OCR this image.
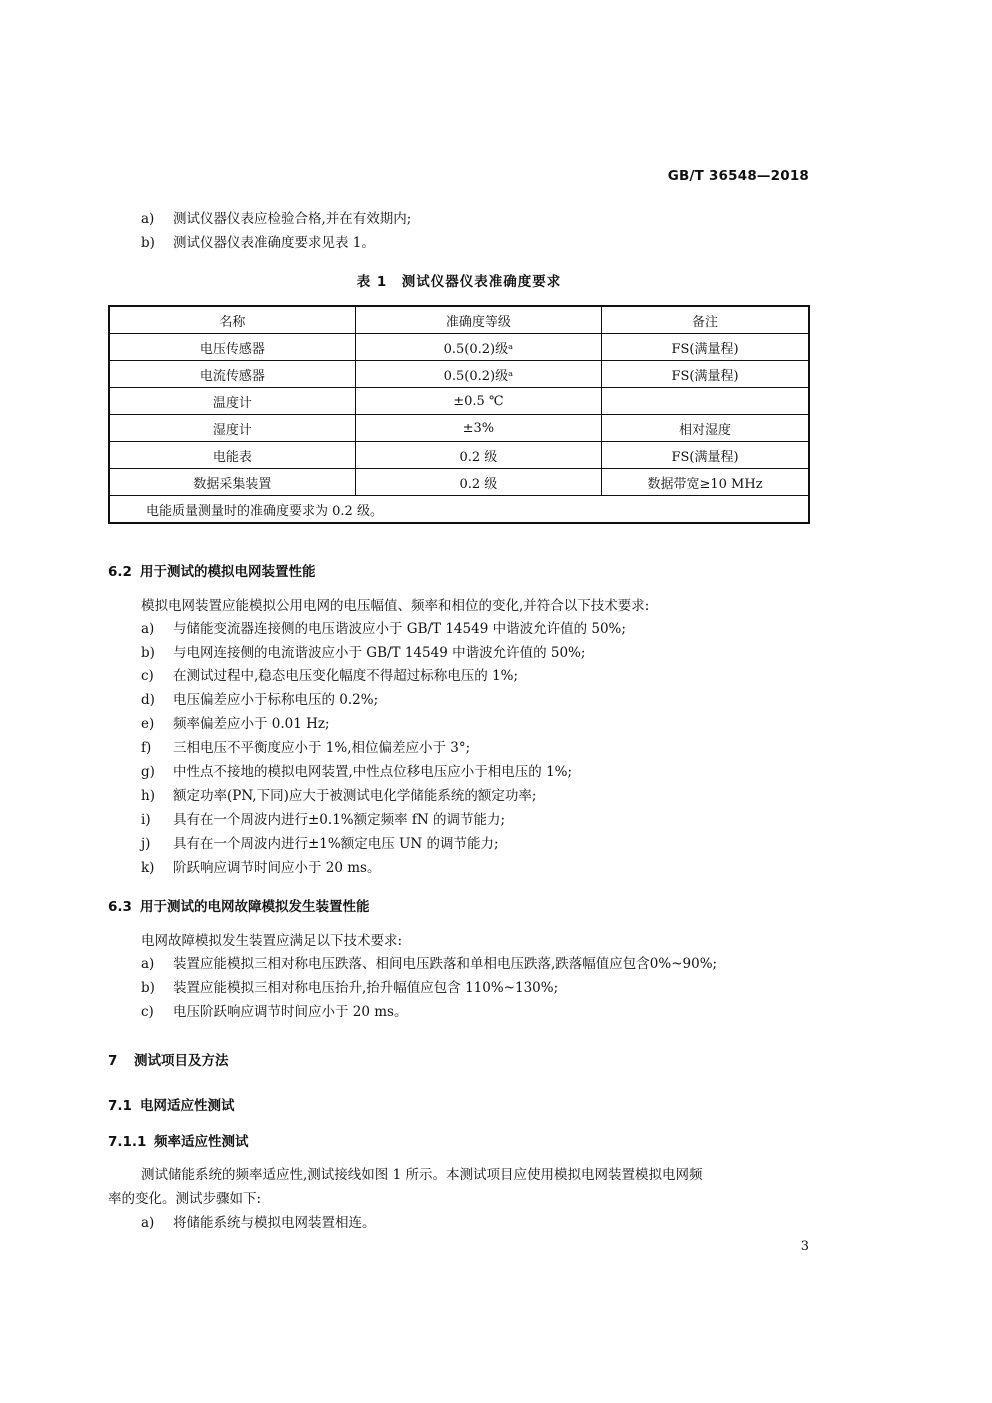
GB/T 36548—2018
a) 测试仪器仪表应检验合格,并在有效期内;
b) 测试仪器仪表准确度要求见表 1。
表 1　测试仪器仪表准确度要求
名称	准确度等级	备注
电压传感器	0.5(0.2)级ᵃ	FS(满量程)
电流传感器	0.5(0.2)级ᵃ	FS(满量程)
温度计	±0.5 ℃	
湿度计	±3%	相对湿度
电能表	0.2 级	FS(满量程)
数据采集装置	0.2 级	数据带宽≥10 MHz
电能质量测量时的准确度要求为 0.2 级。		
6.2 用于测试的模拟电网装置性能
模拟电网装置应能模拟公用电网的电压幅值、频率和相位的变化,并符合以下技术要求:
a) 与储能变流器连接侧的电压谐波应小于 GB/T 14549 中谐波允许值的 50%;
b) 与电网连接侧的电流谐波应小于 GB/T 14549 中谐波允许值的 50%;
c) 在测试过程中,稳态电压变化幅度不得超过标称电压的 1%;
d) 电压偏差应小于标称电压的 0.2%;
e) 频率偏差应小于 0.01 Hz;
f) 三相电压不平衡度应小于 1%,相位偏差应小于 3°;
g) 中性点不接地的模拟电网装置,中性点位移电压应小于相电压的 1%;
h) 额定功率(PN,下同)应大于被测试电化学储能系统的额定功率;
i) 具有在一个周波内进行±0.1%额定频率 fN 的调节能力;
j) 具有在一个周波内进行±1%额定电压 UN 的调节能力;
k) 阶跃响应调节时间应小于 20 ms。
6.3 用于测试的电网故障模拟发生装置性能
电网故障模拟发生装置应满足以下技术要求:
a) 装置应能模拟三相对称电压跌落、相间电压跌落和单相电压跌落,跌落幅值应包含0%~90%;
b) 装置应能模拟三相对称电压抬升,抬升幅值应包含 110%~130%;
c) 电压阶跃响应调节时间应小于 20 ms。
7 测试项目及方法
7.1 电网适应性测试
7.1.1 频率适应性测试
测试储能系统的频率适应性,测试接线如图 1 所示。本测试项目应使用模拟电网装置模拟电网频
率的变化。测试步骤如下:
a) 将储能系统与模拟电网装置相连。
3
